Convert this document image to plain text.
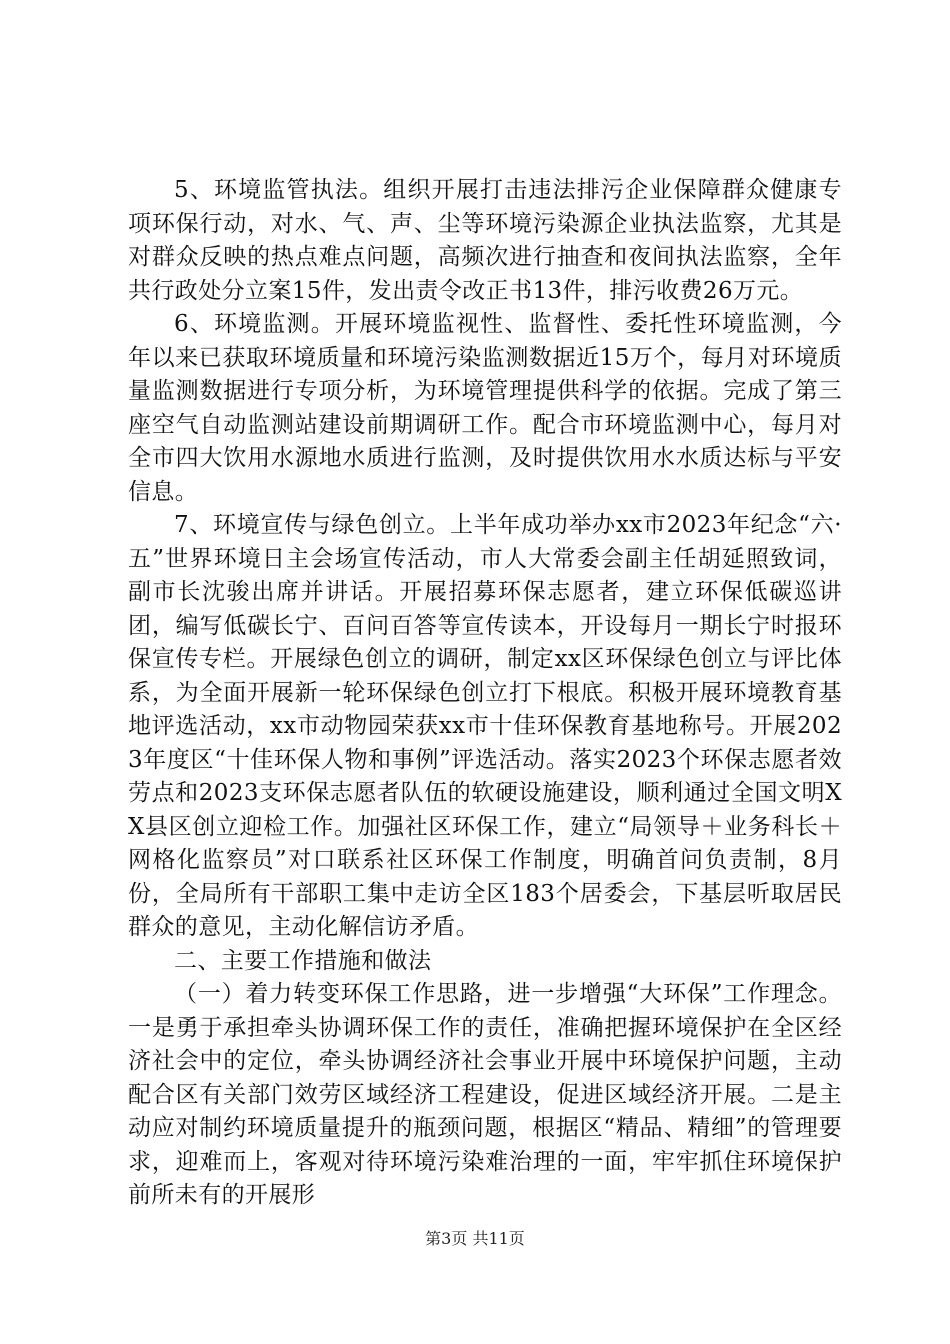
5、环境监管执法。组织开展打击违法排污企业保障群众健康专项环保行动，对水、气、声、尘等环境污染源企业执法监察，尤其是对群众反映的热点难点问题，高频次进行抽查和夜间执法监察，全年共行政处分立案15件，发出责令改正书13件，排污收费26万元。

6、环境监测。开展环境监视性、监督性、委托性环境监测，今年以来已获取环境质量和环境污染监测数据近15万个，每月对环境质量监测数据进行专项分析，为环境管理提供科学的依据。完成了第三座空气自动监测站建设前期调研工作。配合市环境监测中心，每月对全市四大饮用水源地水质进行监测，及时提供饮用水水质达标与平安信息。

7、环境宣传与绿色创立。上半年成功举办xx市2023年纪念“六·五”世界环境日主会场宣传活动，市人大常委会副主任胡延照致词，副市长沈骏出席并讲话。开展招募环保志愿者，建立环保低碳巡讲团，编写低碳长宁、百问百答等宣传读本，开设每月一期长宁时报环保宣传专栏。开展绿色创立的调研，制定xx区环保绿色创立与评比体系，为全面开展新一轮环保绿色创立打下根底。积极开展环境教育基地评选活动，xx市动物园荣获xx市十佳环保教育基地称号。开展2023年度区“十佳环保人物和事例”评选活动。落实2023个环保志愿者效劳点和2023支环保志愿者队伍的软硬设施建设，顺利通过全国文明XX县区创立迎检工作。加强社区环保工作，建立“局领导＋业务科长＋网格化监察员”对口联系社区环保工作制度，明确首问负责制，8月份，全局所有干部职工集中走访全区183个居委会，下基层听取居民群众的意见，主动化解信访矛盾。

二、主要工作措施和做法

（一）着力转变环保工作思路，进一步增强“大环保”工作理念。一是勇于承担牵头协调环保工作的责任，准确把握环境保护在全区经济社会中的定位，牵头协调经济社会事业开展中环境保护问题，主动配合区有关部门效劳区域经济工程建设，促进区域经济开展。二是主动应对制约环境质量提升的瓶颈问题，根据区“精品、精细”的管理要求，迎难而上，客观对待环境污染难治理的一面，牢牢抓住环境保护前所未有的开展形

第3页 共11页
